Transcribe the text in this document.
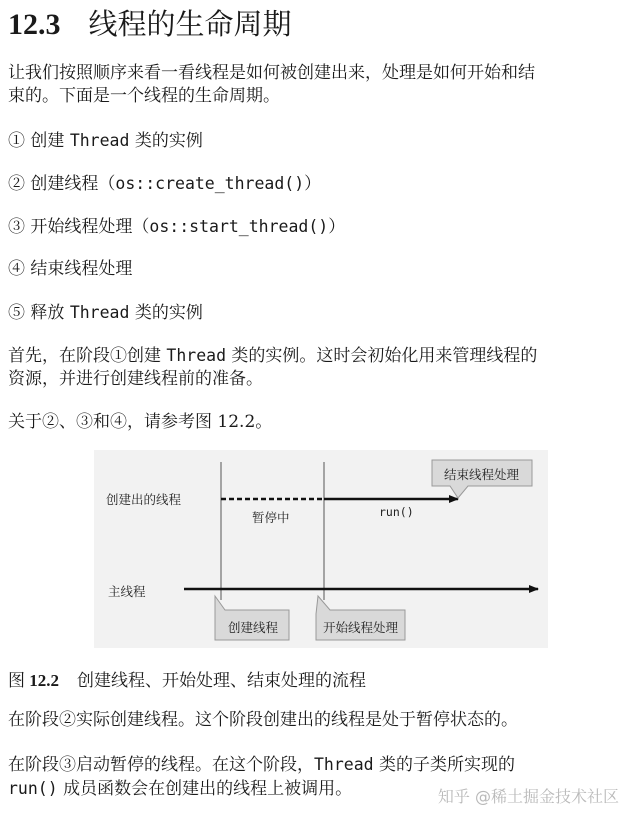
12.3 线程的生命周期
让我们按照顺序来看一看线程是如何被创建出来，处理是如何开始和结
束的。下面是一个线程的生命周期。
① 创建 Thread 类的实例
② 创建线程（os::create_thread()）
③ 开始线程处理（os::start_thread()）
④ 结束线程处理
⑤ 释放 Thread 类的实例
首先，在阶段①创建 Thread 类的实例。这时会初始化用来管理线程的
资源，并进行创建线程前的准备。
关于②、③和④，请参考图 12.2。
创建出的线程
主线程
暂停中	run()
结束线程处理
创建线程	开始线程处理
图 12.2 创建线程、开始处理、结束处理的流程
在阶段②实际创建线程。这个阶段创建出的线程是处于暂停状态的。
在阶段③启动暂停的线程。在这个阶段，Thread 类的子类所实现的
run() 成员函数会在创建出的线程上被调用。	知乎 @稀土掘金技术社区
